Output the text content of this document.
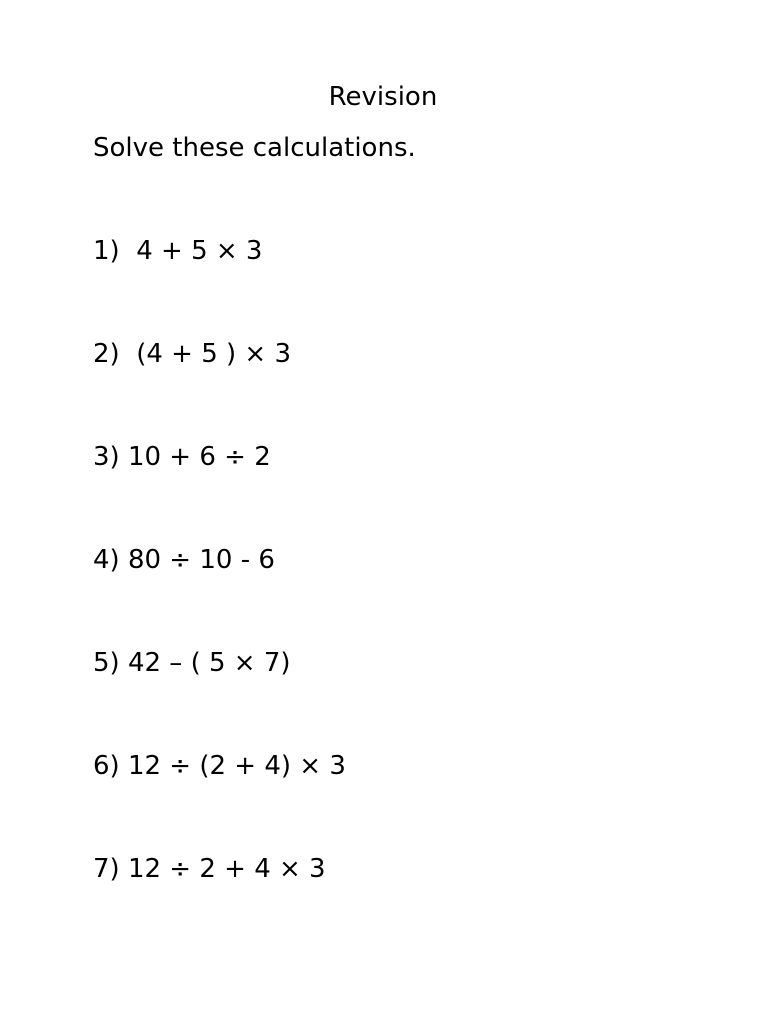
Revision
Solve these calculations.
1)  4 + 5 × 3
2)  (4 + 5 ) × 3
3) 10 + 6 ÷ 2
4) 80 ÷ 10 - 6
5) 42 – ( 5 × 7)
6) 12 ÷ (2 + 4) × 3
7) 12 ÷ 2 + 4 × 3
